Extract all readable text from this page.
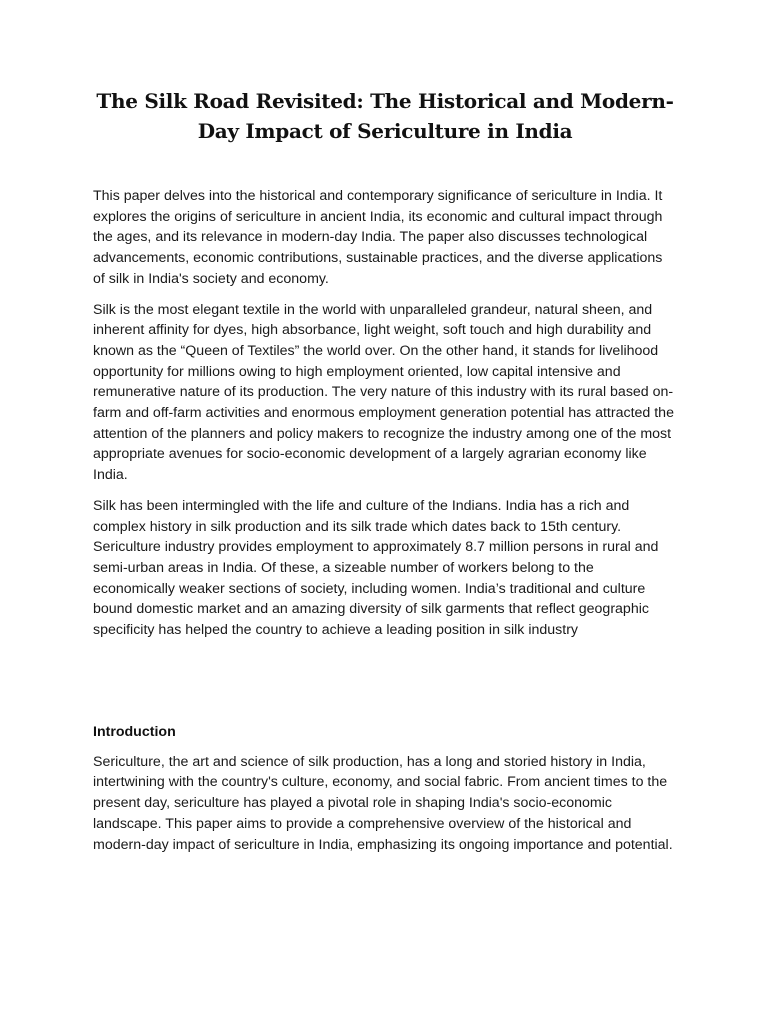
The Silk Road Revisited: The Historical and Modern-
Day Impact of Sericulture in India

This paper delves into the historical and contemporary significance of sericulture in India. It explores the origins of sericulture in ancient India, its economic and cultural impact through the ages, and its relevance in modern-day India. The paper also discusses technological advancements, economic contributions, sustainable practices, and the diverse applications of silk in India's society and economy.

Silk is the most elegant textile in the world with unparalleled grandeur, natural sheen, and inherent affinity for dyes, high absorbance, light weight, soft touch and high durability and known as the “Queen of Textiles” the world over. On the other hand, it stands for livelihood opportunity for millions owing to high employment oriented, low capital intensive and remunerative nature of its production. The very nature of this industry with its rural based on-farm and off-farm activities and enormous employment generation potential has attracted the attention of the planners and policy makers to recognize the industry among one of the most appropriate avenues for socio-economic development of a largely agrarian economy like India.

Silk has been intermingled with the life and culture of the Indians. India has a rich and complex history in silk production and its silk trade which dates back to 15th century. Sericulture industry provides employment to approximately 8.7 million persons in rural and semi-urban areas in India. Of these, a sizeable number of workers belong to the economically weaker sections of society, including women. India’s traditional and culture bound domestic market and an amazing diversity of silk garments that reflect geographic specificity has helped the country to achieve a leading position in silk industry

Introduction

Sericulture, the art and science of silk production, has a long and storied history in India, intertwining with the country's culture, economy, and social fabric. From ancient times to the present day, sericulture has played a pivotal role in shaping India's socio-economic landscape. This paper aims to provide a comprehensive overview of the historical and modern-day impact of sericulture in India, emphasizing its ongoing importance and potential.
